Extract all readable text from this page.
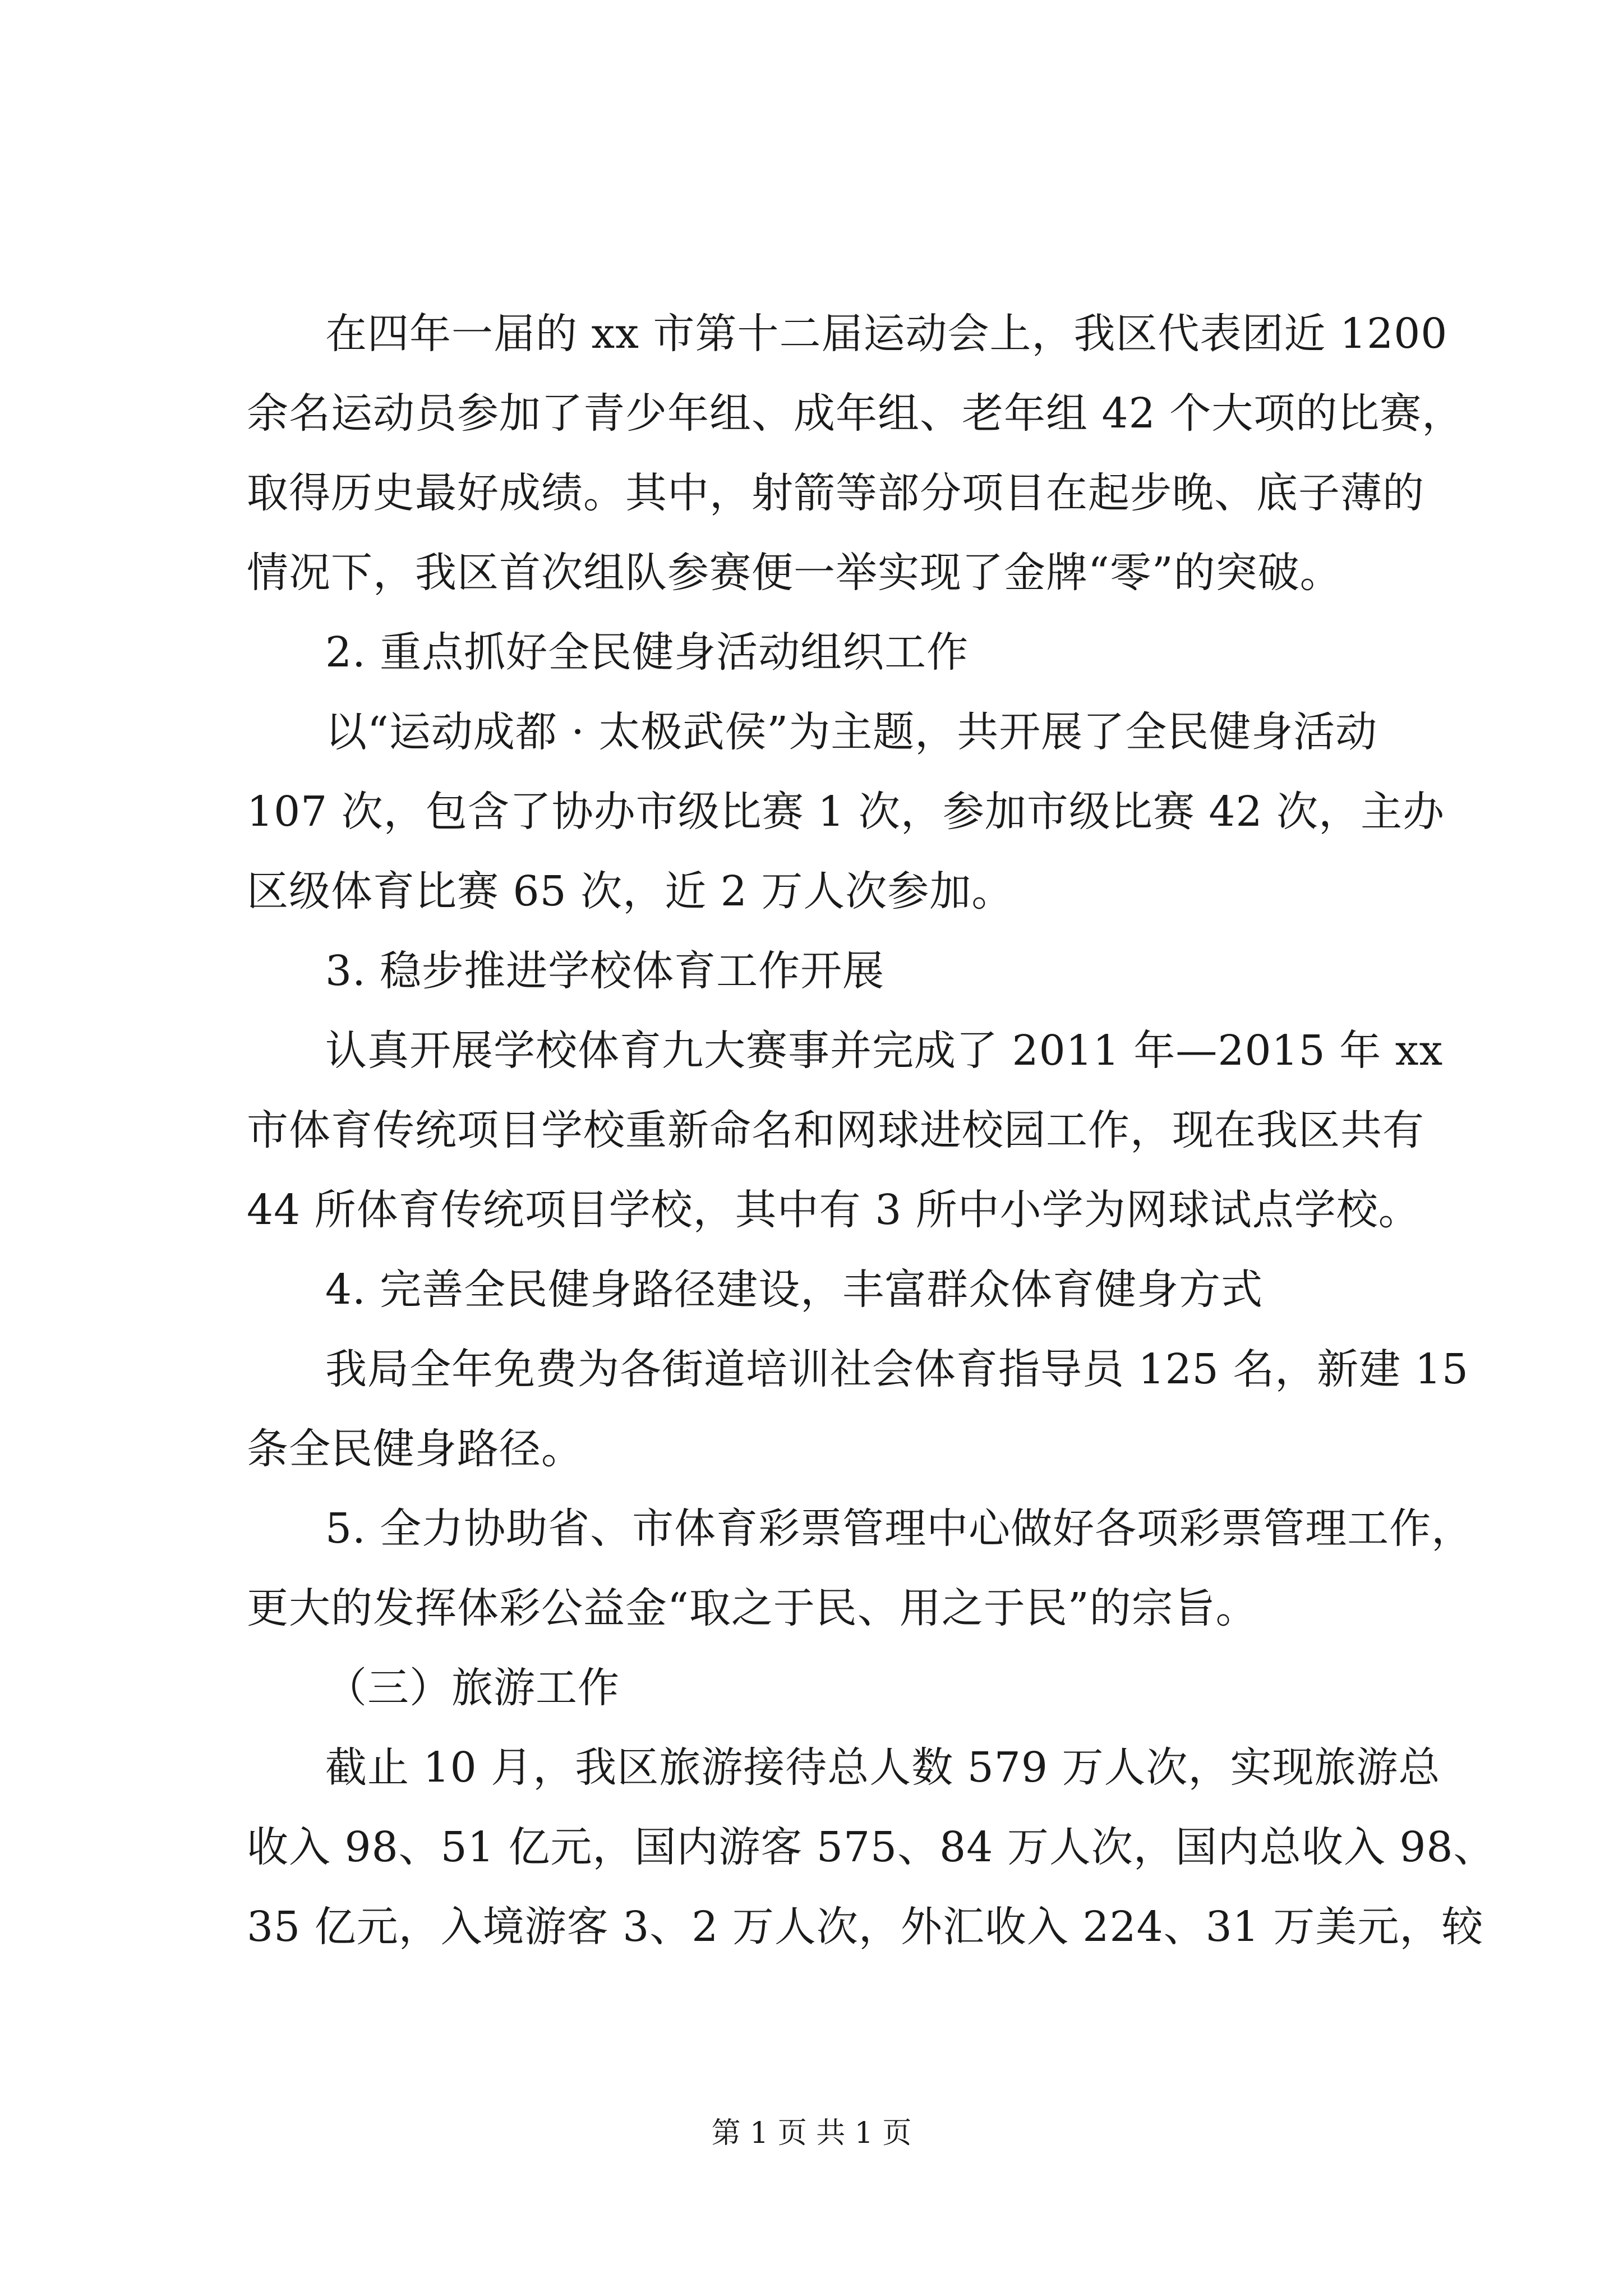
在四年一届的 xx 市第十二届运动会上，我区代表团近 1200
余名运动员参加了青少年组、成年组、老年组 42 个大项的比赛，
取得历史最好成绩。其中，射箭等部分项目在起步晚、底子薄的
情况下，我区首次组队参赛便一举实现了金牌“零”的突破。
2. 重点抓好全民健身活动组织工作
以“运动成都 · 太极武侯”为主题，共开展了全民健身活动
107 次，包含了协办市级比赛 1 次，参加市级比赛 42 次，主办
区级体育比赛 65 次，近 2 万人次参加。
3. 稳步推进学校体育工作开展
认真开展学校体育九大赛事并完成了 2011 年—2015 年 xx
市体育传统项目学校重新命名和网球进校园工作，现在我区共有
44 所体育传统项目学校，其中有 3 所中小学为网球试点学校。
4. 完善全民健身路径建设，丰富群众体育健身方式
我局全年免费为各街道培训社会体育指导员 125 名，新建 15
条全民健身路径。
5. 全力协助省、市体育彩票管理中心做好各项彩票管理工作，
更大的发挥体彩公益金“取之于民、用之于民”的宗旨。
（三）旅游工作
截止 10 月，我区旅游接待总人数 579 万人次，实现旅游总
收入 98、51 亿元，国内游客 575、84 万人次，国内总收入 98、
35 亿元，入境游客 3、2 万人次，外汇收入 224、31 万美元，较
第 1 页 共 1 页
